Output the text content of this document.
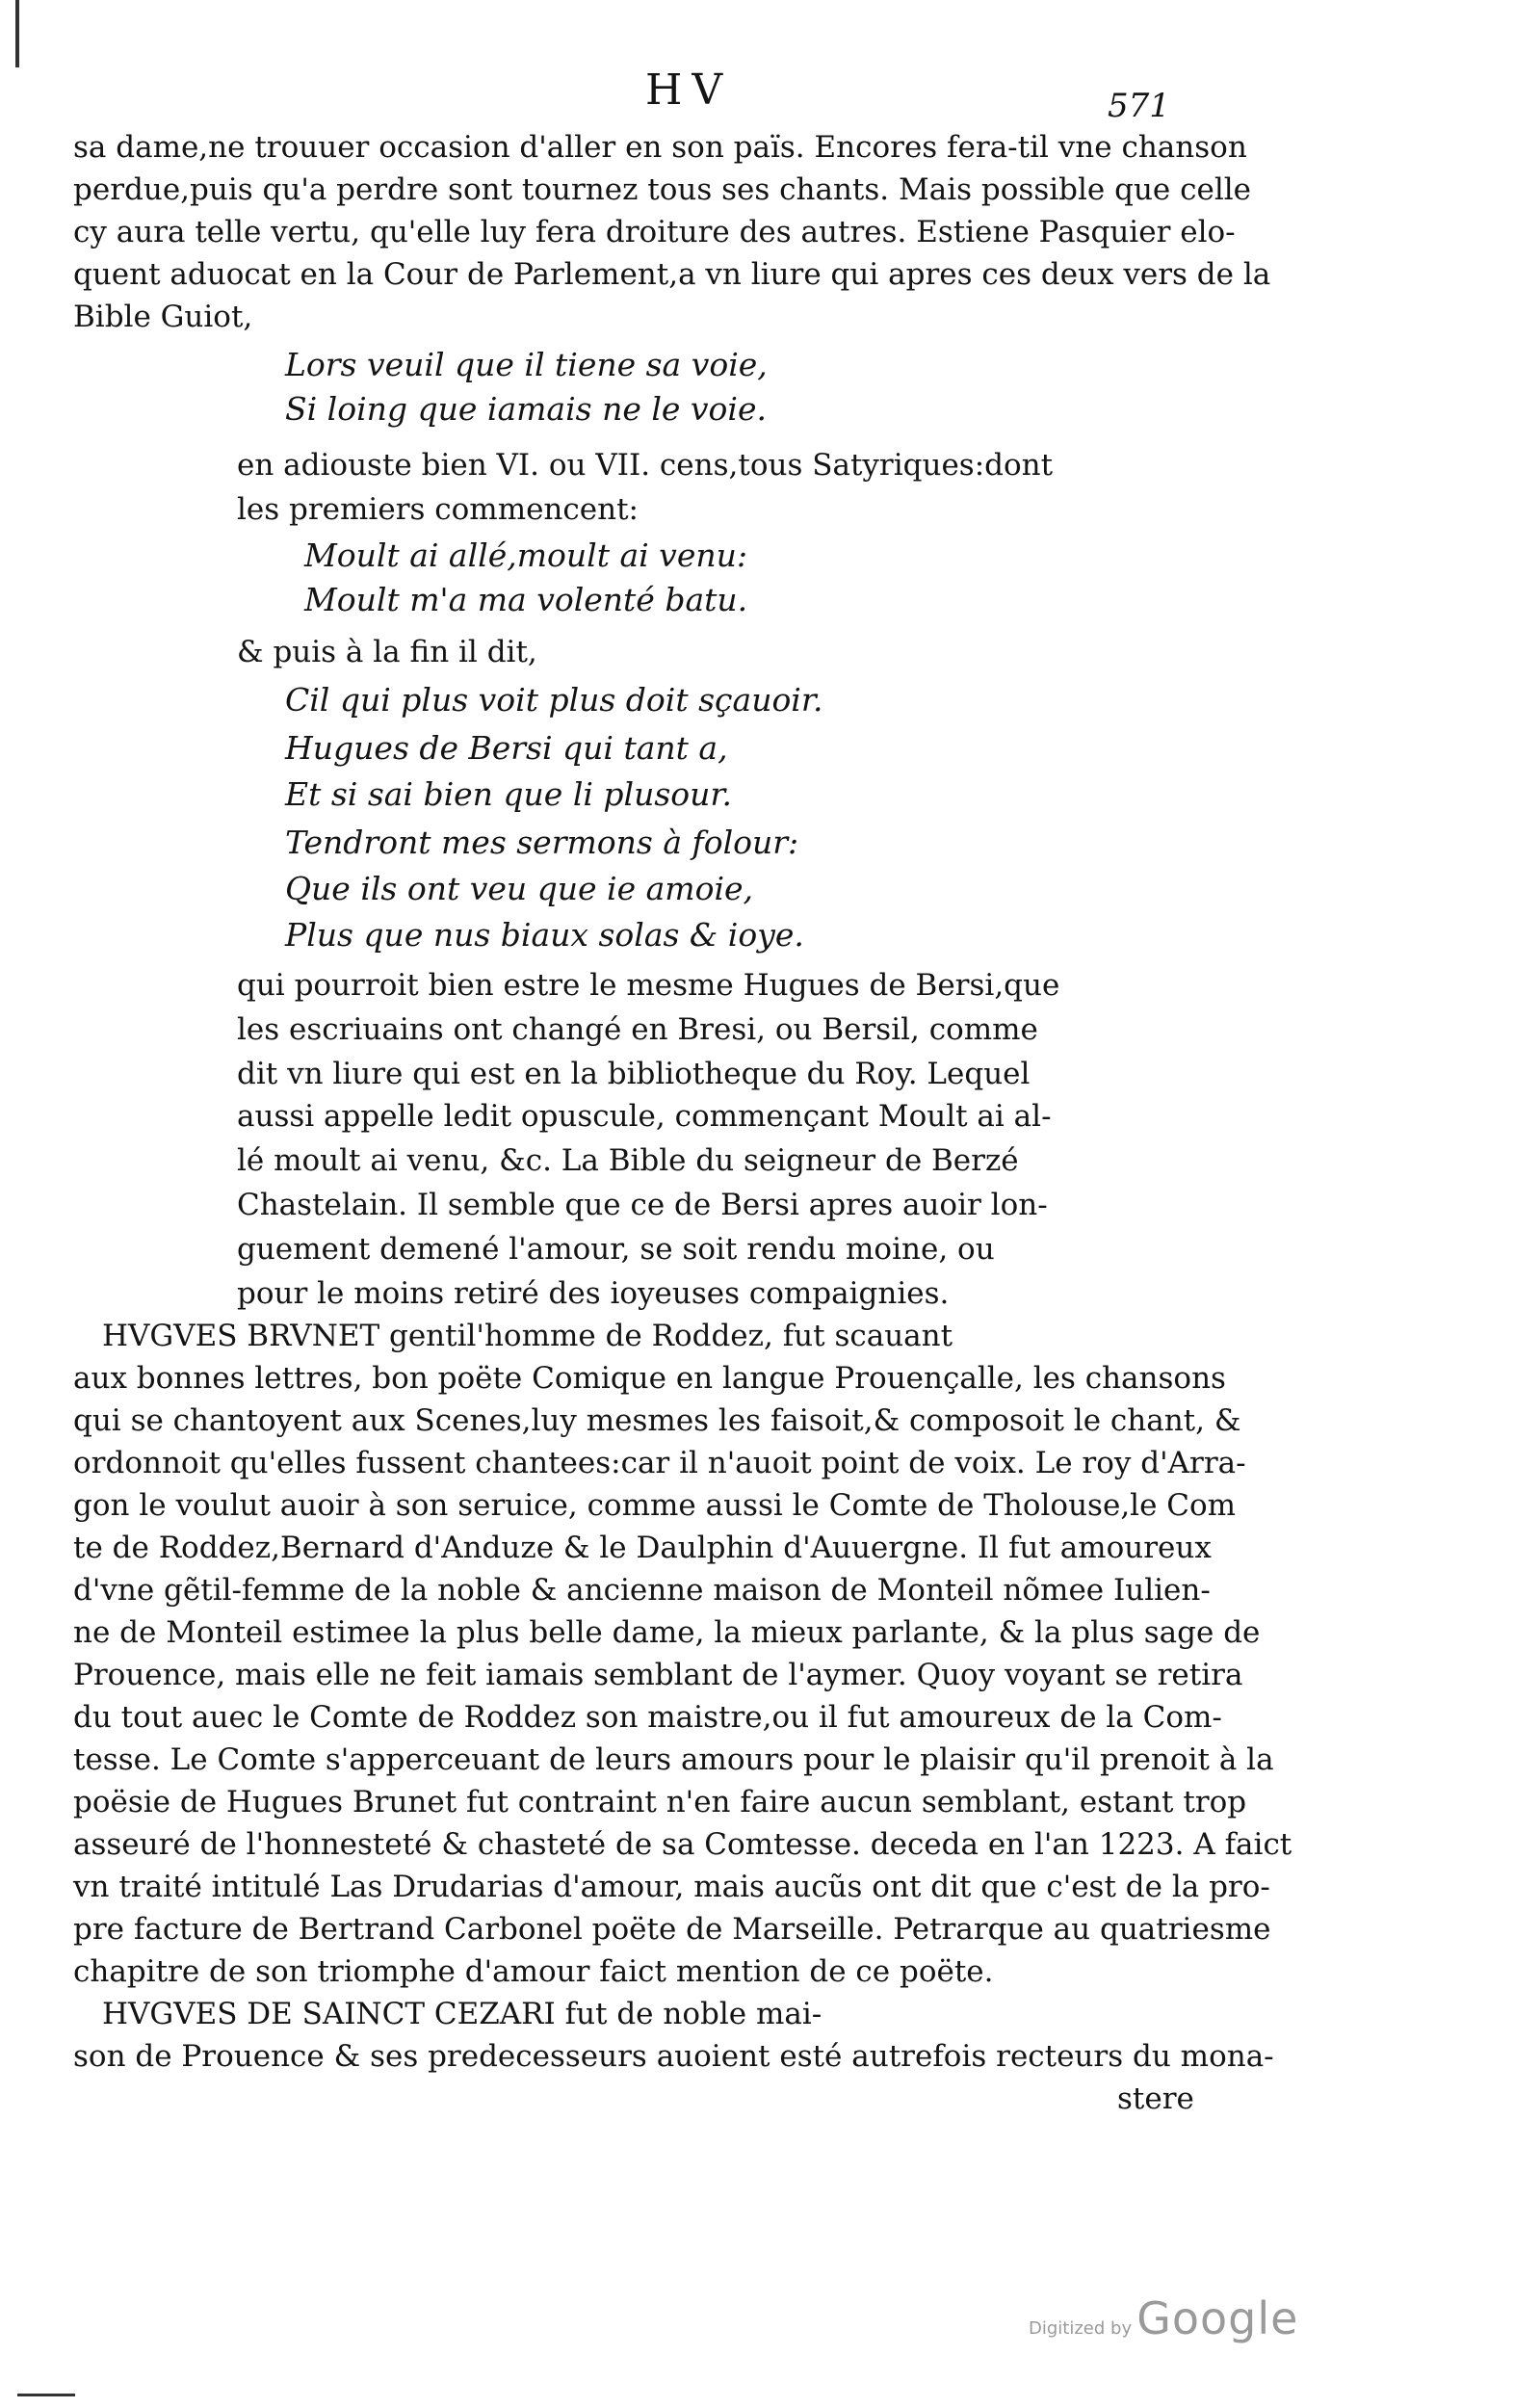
HV	571
sa dame,ne trouuer occasion d'aller en son païs. Encores fera-til vne chanson
perdue,puis qu'a perdre sont tournez tous ses chants. Mais possible que celle
cy aura telle vertu, qu'elle luy fera droiture des autres. Estiene Pasquier elo-
quent aduocat en la Cour de Parlement,a vn liure qui apres ces deux vers de la
Bible Guiot,
Lors veuil que il tiene sa voie,
Si loing que iamais ne le voie.
en adiouste bien VI. ou VII. cens,tous Satyriques:dont
les premiers commencent:
Moult ai allé,moult ai venu:
Moult m'a ma volenté batu.
& puis à la fin il dit,
Cil qui plus voit plus doit sçauoir.
Hugues de Bersi qui tant a,
Et si sai bien que li plusour.
Tendront mes sermons à folour:
Que ils ont veu que ie amoie,
Plus que nus biaux solas & ioye.
qui pourroit bien estre le mesme Hugues de Bersi,que
les escriuains ont changé en Bresi, ou Bersil, comme
dit vn liure qui est en la bibliotheque du Roy. Lequel
aussi appelle ledit opuscule, commençant Moult ai al-
lé moult ai venu, &c. La Bible du seigneur de Berzé
Chastelain. Il semble que ce de Bersi apres auoir lon-
guement demené l'amour, se soit rendu moine, ou
pour le moins retiré des ioyeuses compaignies.
HVGVES BRVNET gentil'homme de Roddez, fut scauant
aux bonnes lettres, bon poëte Comique en langue Prouençalle, les chansons
qui se chantoyent aux Scenes,luy mesmes les faisoit,& composoit le chant, &
ordonnoit qu'elles fussent chantees:car il n'auoit point de voix. Le roy d'Arra-
gon le voulut auoir à son seruice, comme aussi le Comte de Tholouse,le Com
te de Roddez,Bernard d'Anduze & le Daulphin d'Auuergne. Il fut amoureux
d'vne gẽtil-femme de la noble & ancienne maison de Monteil nõmee Iulien-
ne de Monteil estimee la plus belle dame, la mieux parlante, & la plus sage de
Prouence, mais elle ne feit iamais semblant de l'aymer. Quoy voyant se retira
du tout auec le Comte de Roddez son maistre,ou il fut amoureux de la Com-
tesse. Le Comte s'apperceuant de leurs amours pour le plaisir qu'il prenoit à la
poësie de Hugues Brunet fut contraint n'en faire aucun semblant, estant trop
asseuré de l'honnesteté & chasteté de sa Comtesse. deceda en l'an 1223. A faict
vn traité intitulé Las Drudarias d'amour, mais aucũs ont dit que c'est de la pro-
pre facture de Bertrand Carbonel poëte de Marseille. Petrarque au quatriesme
chapitre de son triomphe d'amour faict mention de ce poëte.
HVGVES DE SAINCT CEZARI fut de noble mai-
son de Prouence & ses predecesseurs auoient esté autrefois recteurs du mona-
stere
Digitized by Google
